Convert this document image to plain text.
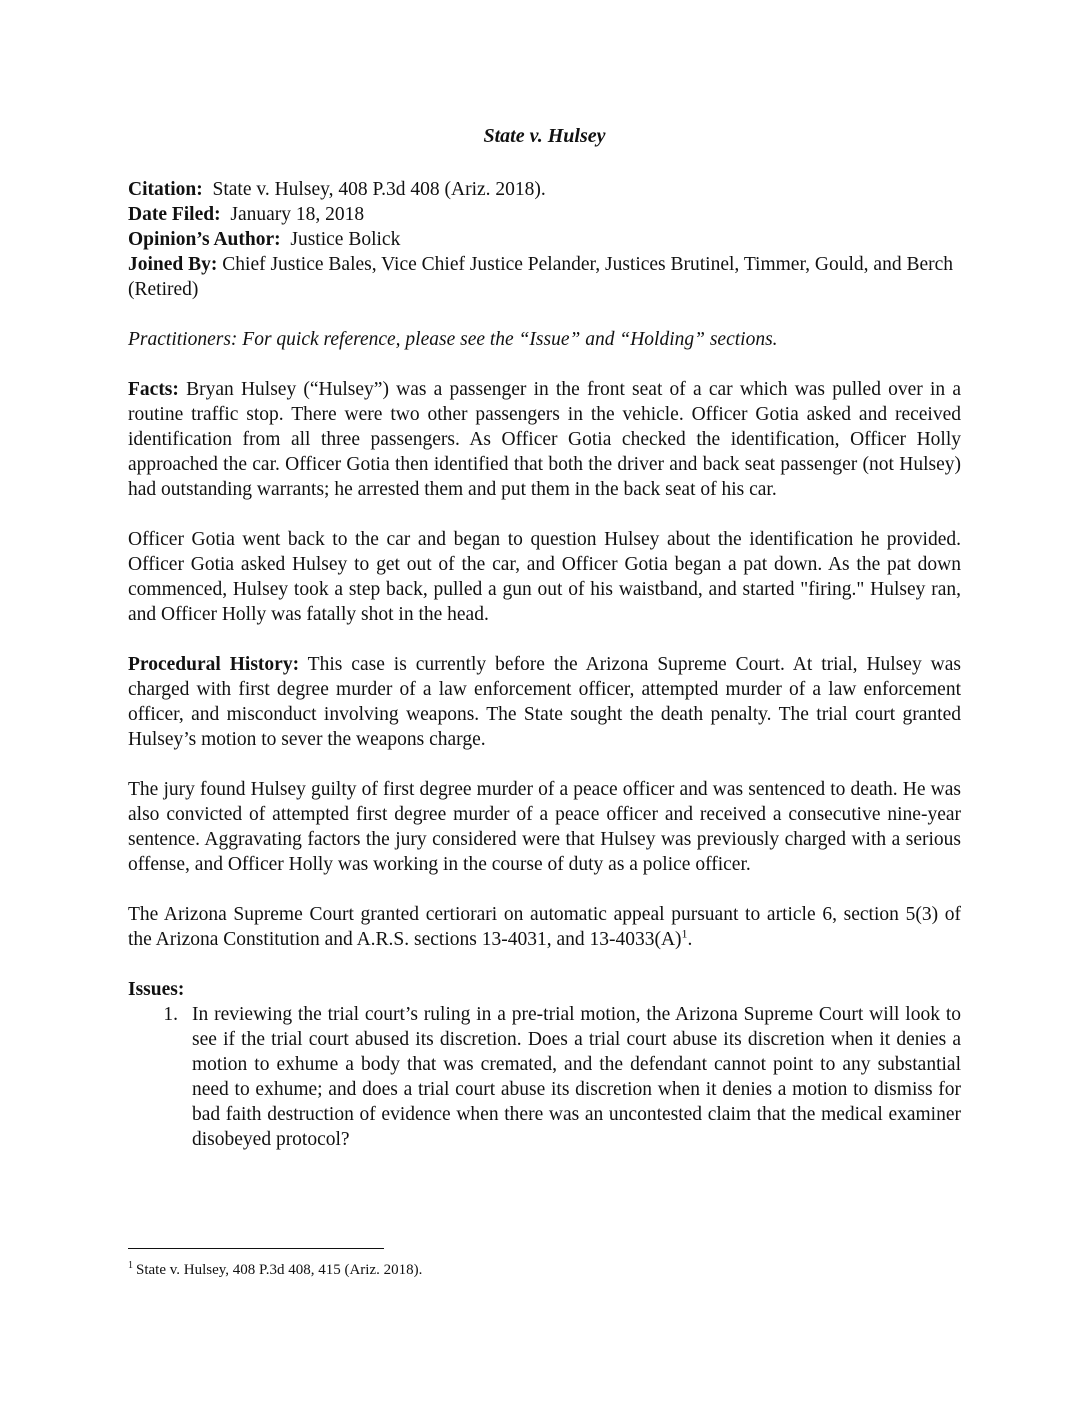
State v. Hulsey
Citation: State v. Hulsey, 408 P.3d 408 (Ariz. 2018).
Date Filed: January 18, 2018
Opinion’s Author: Justice Bolick
Joined By: Chief Justice Bales, Vice Chief Justice Pelander, Justices Brutinel, Timmer, Gould, and Berch (Retired)

Practitioners: For quick reference, please see the “Issue” and “Holding” sections.

Facts: Bryan Hulsey (“Hulsey”) was a passenger in the front seat of a car which was pulled over in a routine traffic stop. There were two other passengers in the vehicle. Officer Gotia asked and received identification from all three passengers. As Officer Gotia checked the identification, Officer Holly approached the car. Officer Gotia then identified that both the driver and back seat passenger (not Hulsey) had outstanding warrants; he arrested them and put them in the back seat of his car.

Officer Gotia went back to the car and began to question Hulsey about the identification he provided. Officer Gotia asked Hulsey to get out of the car, and Officer Gotia began a pat down. As the pat down commenced, Hulsey took a step back, pulled a gun out of his waistband, and started "firing." Hulsey ran, and Officer Holly was fatally shot in the head.

Procedural History: This case is currently before the Arizona Supreme Court. At trial, Hulsey was charged with first degree murder of a law enforcement officer, attempted murder of a law enforcement officer, and misconduct involving weapons. The State sought the death penalty. The trial court granted Hulsey’s motion to sever the weapons charge.

The jury found Hulsey guilty of first degree murder of a peace officer and was sentenced to death. He was also convicted of attempted first degree murder of a peace officer and received a consecutive nine-year sentence. Aggravating factors the jury considered were that Hulsey was previously charged with a serious offense, and Officer Holly was working in the course of duty as a police officer.

The Arizona Supreme Court granted certiorari on automatic appeal pursuant to article 6, section 5(3) of the Arizona Constitution and A.R.S. sections 13-4031, and $13-4033(A)^1$.

Issues:
1. In reviewing the trial court’s ruling in a pre-trial motion, the Arizona Supreme Court will look to see if the trial court abused its discretion. Does a trial court abuse its discretion when it denies a motion to exhume a body that was cremated, and the defendant cannot point to any substantial need to exhume; and does a trial court abuse its discretion when it denies a motion to dismiss for bad faith destruction of evidence when there was an uncontested claim that the medical examiner disobeyed protocol?
$^1$ State v. Hulsey, 408 P.3d 408, 415 (Ariz. 2018).
